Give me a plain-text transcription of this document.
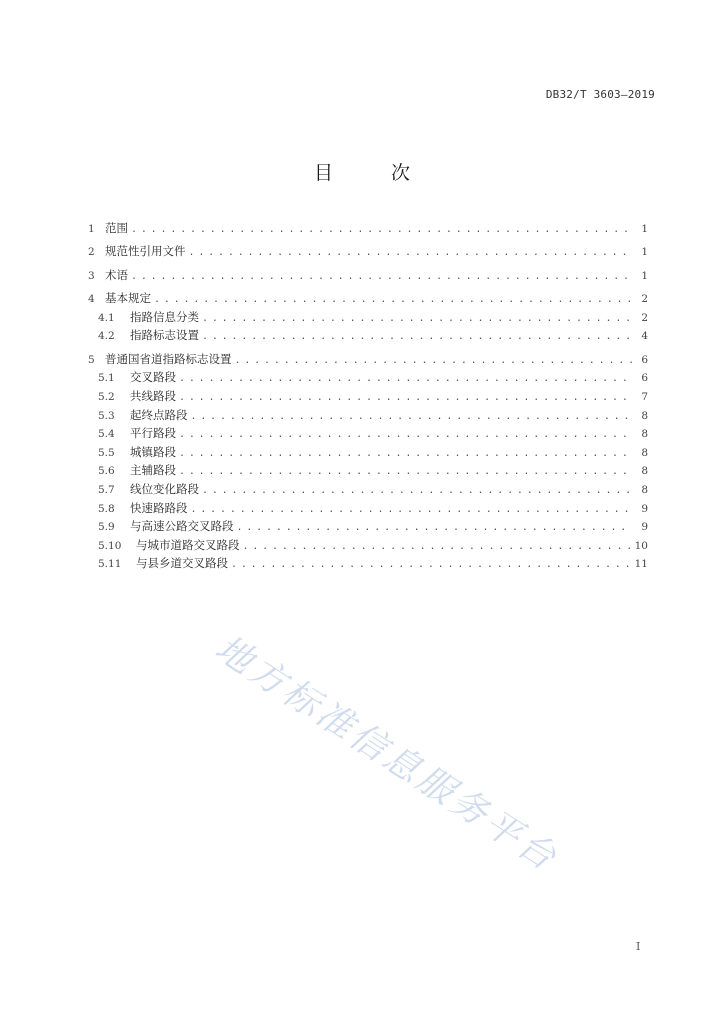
DB32/T 3603—2019
目 次
1 范围 . . .	1
2 规范性引用文件 . . .	1
3 术语 . . .	1
4 基本规定 . . .	2
4.1	指路信息分类 . . .	2
4.2	指路标志设置 . . .	4
5 普通国省道指路标志设置 . . .	6
5.1	交叉路段 . . .	6
5.2	共线路段 . . .	7
5.3	起终点路段 . . .	8
5.4	平行路段 . . .	8
5.5	城镇路段 . . .	8
5.6	主辅路段 . . .	8
5.7	线位变化路段 . . .	8
5.8	快速路路段 . . .	9
5.9	与高速公路交叉路段 . . .	9
5.10	与城市道路交叉路段 . . .	10
5.11	与县乡道交叉路段 . . .	11
地方标准信息服务平台
I
